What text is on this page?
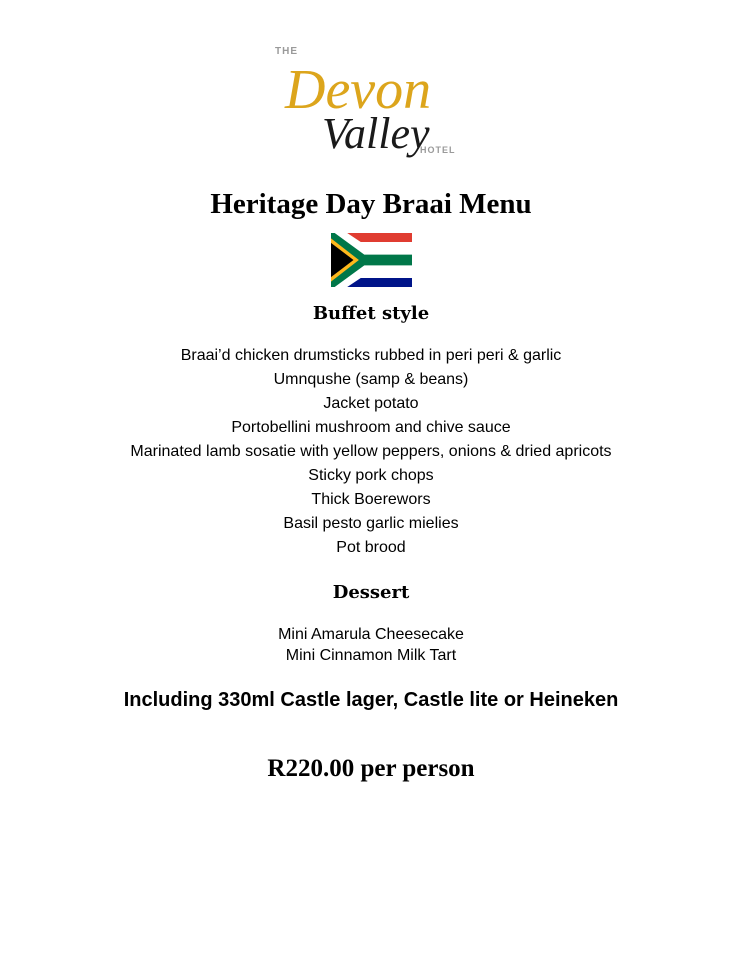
THE
Devon
Valley
HOTEL
Heritage Day Braai Menu
Buffet style
Braai’d chicken drumsticks rubbed in peri peri & garlic
Umnqushe (samp & beans)
Jacket potato
Portobellini mushroom and chive sauce
Marinated lamb sosatie with yellow peppers, onions & dried apricots
Sticky pork chops
Thick Boerewors
Basil pesto garlic mielies
Pot brood
Dessert
Mini Amarula Cheesecake
Mini Cinnamon Milk Tart
Including 330ml Castle lager, Castle lite or Heineken
R220.00 per person
